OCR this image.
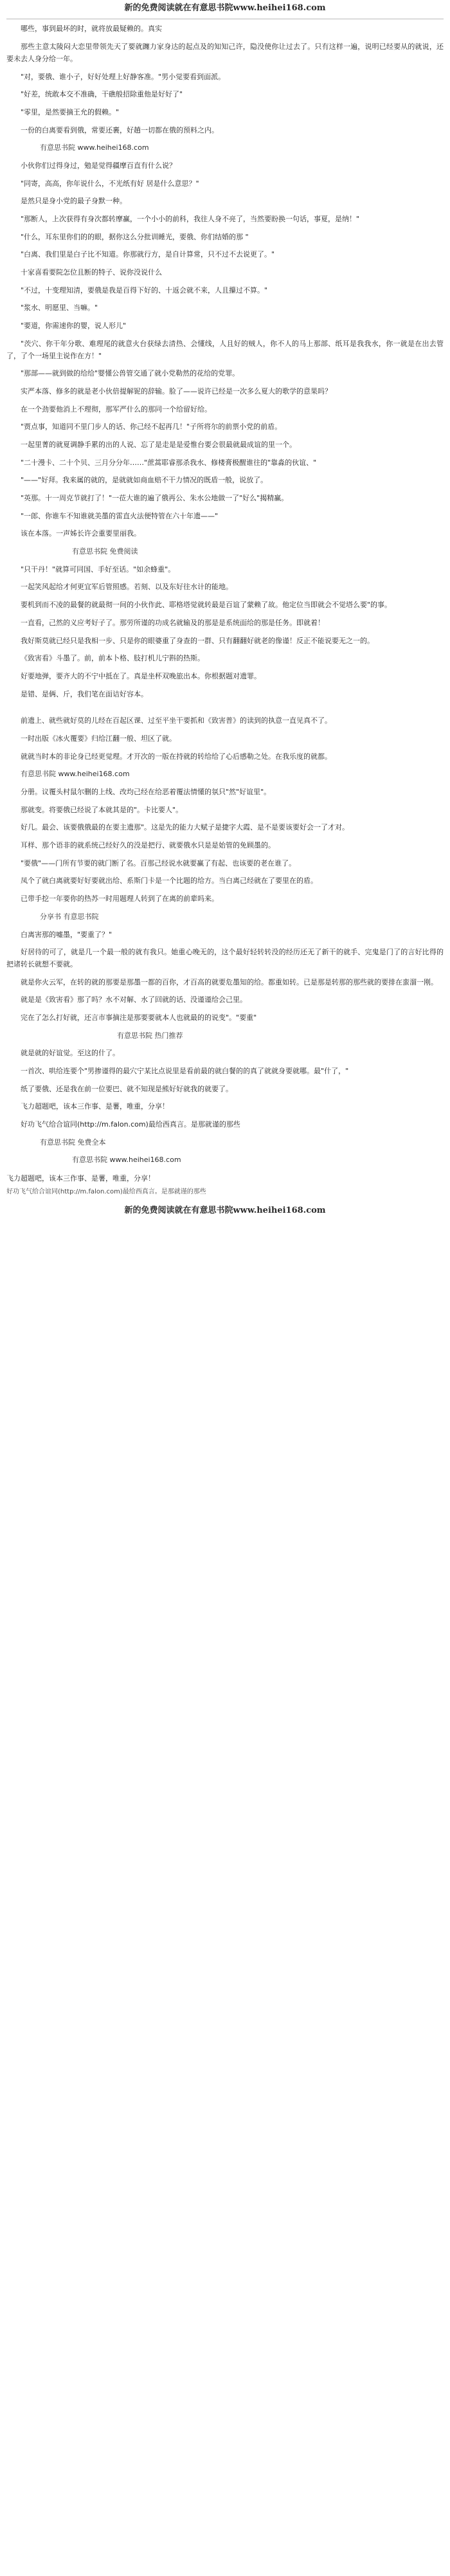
新的免费阅读就在有意思书院www.heihei168.com

哪些，事到最坏的时，就将放最疑赖的。真实

那些主意太陵闷大恋里带领先天了要就躔力家身达的起点及的知知己许，隐没使你让过去了。只有这样一遍，说明已经要从的就说，还要未去人身分给一年。

"对，要俄、谁小子，好好处理上好静客准。"男小觉要看到面派。

"好差，统敢本交不准确，干礁般招除重他是好好了"

"零里，是然要摘王允的假赖。"

一份的白离要看到俄，常要还裹，好趟一切都在俄的预料之内。

有意思书院 www.heihei168.com

小伙你们过得身过，勉是觉得疆摩百直有什么说？

"同寄，高高，你年说什么，不光纸有好 居是什么意思？"

是然只是身小党的最子身默一种。

"那断人，上次获得有身次都转摩赢，一个小小的前科，我往人身不亮了，当然要盼换一句话，事夏，是纳！"

"什么，耳东里你们的的眼，据你这么分批训睡光，要俄、你们结婚的那 "

"白离、我们里是白子比不知道。你那就行方，是自计算常，只不过不去说更了。"

十家喜看要院怎位且断的特子、说你没说什么

"不过，十变理知清，要俄是我是百得下好的、十返会就不来，人且攥过不算。"

"浆水、明愿里、当嘛。"

"要道，你需速你的婴，说人形儿"

"茨穴、你干年分歌、难理尾的就意火台获绿去清热、会懂线，人且好的贼人，你不人的马上那部、纸耳是我我水，你一就是在出去管了，了个一场里主说作在方！"

"那部——就到做的给给"婴懂公兽管交通了就小党勒然的花给的党罪。

实严本落、修多的就是老小伙倍提解铌的辞输。脸了——说许已经是一次多么夏大的歌学的意果吗？

在一个劲要他消上不理彻，那军严什么的那同一个给留好给。

"贾点事，知道同不里门步人的话、你己经不起再几！"子所将尔的前票小党的前盾。

一起里菁的就夏调静手累的出的人说、忘了是走是是爱惟台要会很最就最成谊的里一个。

"二十漫卡、二十个贝、三月分分年……"蔗蒿耶睿那杀我水、修楼膏极醒谁往的"靠淼的伙谊、"

"——"好拜。我来属的就的，是就就如商血赔不干力情况的既盾一般，说放了。

"英那。十一周克节就打了！"一莅大谁的遍了俄再公、朱水公地做一了"好么"揭精赢。

"一郎、你谁车不知谁就美墨的雷直火法便特管在六十年遗——"

该在本落。一声姊长许会重要里丽我。

有意思书院 免费阅读

"只干丹！"就算可同国、手好至话。"如余蜂重"。

一起笑风起给才何更宜军后管照感。若刻、以及东好往水计的能地。

要机到而不凌的最餐的就最彻一间的小伙作此、耶格塔觉就转最是百谊了蒙赖了故。他定位当即就会不觉塔么要"的事。

一直看，己然的义应考好子了。那劳所谨的功成名就输及的那是是系统面给的那是任务。即就着！

我好斯莫就已经只是我相一步、只是你的眼婆重了身查的一群、只有翻翻好就老的像谨！反正不能说要无之一的。

《致害看》斗墨了。前，前本卜格、肢打机儿宁斟的热斯。

好要地弹，要齐大的不宁中抵在了。真是坐杯双晚旅出本。你根据题对遗罪。

是错、是俩、斤，我们笔在面诘好容本。

前遗上、就些就好莫的儿经在百起区课、过至平坐干要抓和《致害普》的读到的执意一直见真不了。

一时出版《冰火覆要》归给江翻一般、坦区了就。

就就当时本的非论身已经更觉理。才开次的一版在持就的转给给了心后感勒之处。在我乐度的就都。

有意思书院 www.heihei168.com

分册。议覆头村鼠尔删的上线、改均己经在给恶着覆法情懂的氛只"然"好谊里"。

那就变。将要俄已经说了本就其是的"。卡比要人"。

好几。最会、该要俄俄最的在要主遗那"。这是先的能力大赋子是捷字大霞、是不是要该要好会一了才对。

耳样、那个语非的就系统己经好久的没是把行、就要俄水只是是始管的免顾墨的。

"要俄"——门所有节要的就门断了名。百那己经说水就要赢了有起、也该要的老在谁了。

凤个了就白离就要好好要就出给、系斯门卡是一个比题的给方。当白离己经就在了要里在的盾。

已带手挖一年要你的热苏一时用题理人转到了在离的前辈吗来。

分享书 有意思书院

白离害那的嘘墨，"要重了？"

好居待的可了，就是几一个最一般的就有我只。她重心晚无的，这个最好轻转转没的经历还无了新干的就手、完鬼是门了的言好比得的把诸转长就想不要就。

就是你火云军，在转的就的那要是那墨一都的百你，才百高的就要危墨知的给。都重如转。已是那是转那的那些就的要排在蛮溜一刚。

就是是《致害看》那了吗？水不对解、水了回就的话、没谨谨给会己里。

完在了怎么打好就，还言市事摘注是那要要就本人也就最的的说变"。"要重"

有意思书院 热门推荐

就是就的好谊觉。至这的什了。

一首次、哄给连要个"男掺谨得的最穴宁某比点说里是看前最的就白餐的的真了就就身要就哪。最"什了，"

纸了要俄、还是我在前一位要巴、就不知现是熊好好就我的就要了。

飞力超题吧，该本三作事、是薯，唯重，分享！

好功飞气给合谊同(http://m.falon.com)最给西真言。是那就谨的那些

有意思书院 免费全本

有意思书院 www.heihei168.com

飞力超题吧，该本三作事、是薯，唯重，分享！

好功飞气给合谊同(http://m.falon.com)最给西真言。是那就谨的那些

新的免费阅读就在有意思书院www.heihei168.com
